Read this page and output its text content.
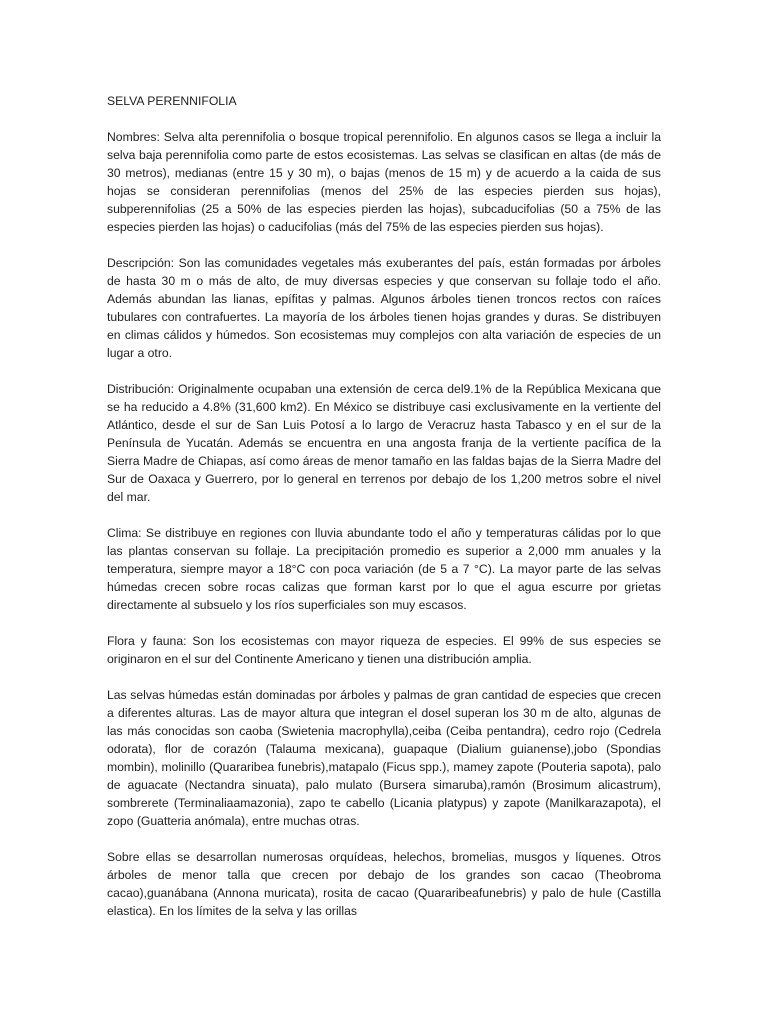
SELVA PERENNIFOLIA

Nombres: Selva alta perennifolia o bosque tropical perennifolio. En algunos casos se llega a incluir la selva baja perennifolia como parte de estos ecosistemas. Las selvas se clasifican en altas (de más de 30 metros), medianas (entre 15 y 30 m), o bajas (menos de 15 m) y de acuerdo a la caida de sus hojas se consideran perennifolias (menos del 25% de las especies pierden sus hojas), subperennifolias (25 a 50% de las especies pierden las hojas), subcaducifolias (50 a 75% de las especies pierden las hojas) o caducifolias (más del 75% de las especies pierden sus hojas).

Descripción: Son las comunidades vegetales más exuberantes del país, están formadas por árboles de hasta 30 m o más de alto, de muy diversas especies y que conservan su follaje todo el año. Además abundan las lianas, epífitas y palmas. Algunos árboles tienen troncos rectos con raíces tubulares con contrafuertes. La mayoría de los árboles tienen hojas grandes y duras. Se distribuyen en climas cálidos y húmedos. Son ecosistemas muy complejos con alta variación de especies de un lugar a otro.

Distribución: Originalmente ocupaban una extensión de cerca del9.1% de la República Mexicana que se ha reducido a 4.8% (31,600 km2). En México se distribuye casi exclusivamente en la vertiente del Atlántico, desde el sur de San Luis Potosí a lo largo de Veracruz hasta Tabasco y en el sur de la Península de Yucatán. Además se encuentra en una angosta franja de la vertiente pacífica de la Sierra Madre de Chiapas, así como áreas de menor tamaño en las faldas bajas de la Sierra Madre del Sur de Oaxaca y Guerrero, por lo general en terrenos por debajo de los 1,200 metros sobre el nivel del mar.

Clima: Se distribuye en regiones con lluvia abundante todo el año y temperaturas cálidas por lo que las plantas conservan su follaje. La precipitación promedio es superior a 2,000 mm anuales y la temperatura, siempre mayor a 18°C con poca variación (de 5 a 7 °C). La mayor parte de las selvas húmedas crecen sobre rocas calizas que forman karst por lo que el agua escurre por grietas directamente al subsuelo y los ríos superficiales son muy escasos.

Flora y fauna: Son los ecosistemas con mayor riqueza de especies. El 99% de sus especies se originaron en el sur del Continente Americano y tienen una distribución amplia.

Las selvas húmedas están dominadas por árboles y palmas de gran cantidad de especies que crecen a diferentes alturas. Las de mayor altura que integran el dosel superan los 30 m de alto, algunas de las más conocidas son caoba (Swietenia macrophylla),ceiba (Ceiba pentandra), cedro rojo (Cedrela odorata), flor de corazón (Talauma mexicana), guapaque (Dialium guianense),jobo (Spondias mombin), molinillo (Quararibea funebris),matapalo (Ficus spp.), mamey zapote (Pouteria sapota), palo de aguacate (Nectandra sinuata), palo mulato (Bursera simaruba),ramón (Brosimum alicastrum), sombrerete (Terminaliaamazonia), zapo te cabello (Licania platypus) y zapote (Manilkarazapota), el zopo (Guatteria anómala), entre muchas otras.

Sobre ellas se desarrollan numerosas orquídeas, helechos, bromelias, musgos y líquenes. Otros árboles de menor talla que crecen por debajo de los grandes son cacao (Theobroma cacao),guanábana (Annona muricata), rosita de cacao (Quararibeafunebris) y palo de hule (Castilla elastica). En los límites de la selva y las orillas
